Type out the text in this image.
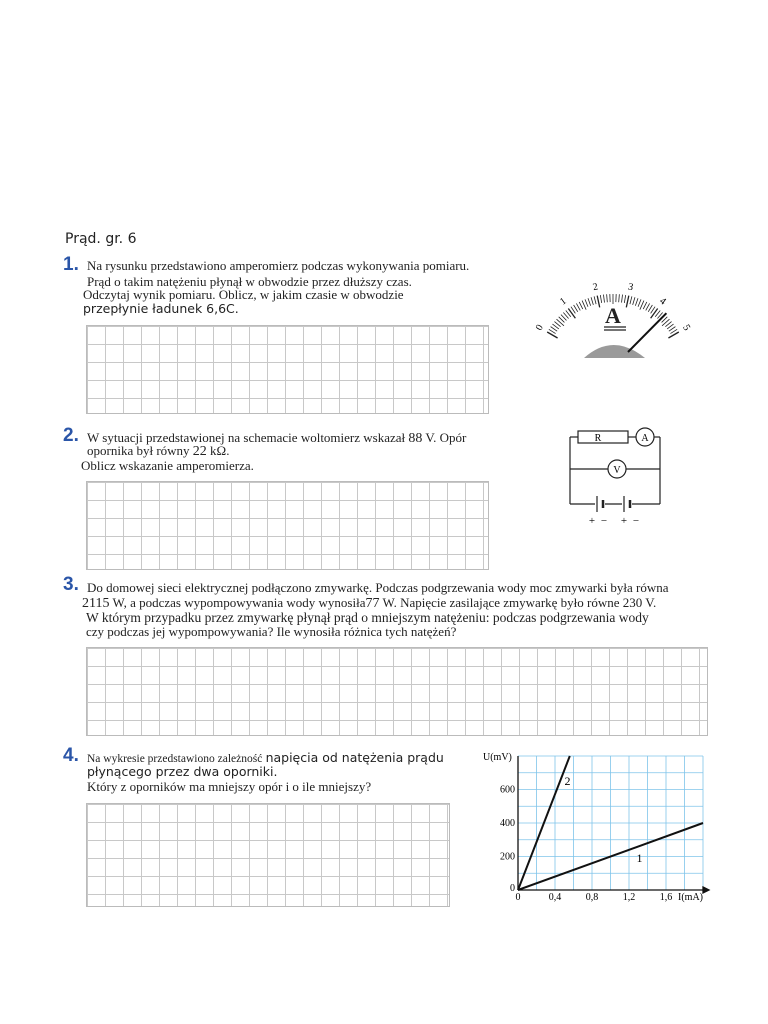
Prąd. gr. 6
1. Na rysunku przedstawiono amperomierz podczas wykonywania pomiaru.
Prąd o takim natężeniu płynął w obwodzie przez dłuższy czas.
Odczytaj wynik pomiaru. Oblicz, w jakim czasie w obwodzie
przepłynie ładunek 6,6C.
0
1
2	3
4
5
A
2. W sytuacji przedstawionej na schemacie woltomierz wskazał 88 V. Opór
opornika był równy 22 kΩ.
Oblicz wskazanie amperomierza.
R	A
V
+ − + −
3. Do domowej sieci elektrycznej podłączono zmywarkę. Podczas podgrzewania wody moc zmywarki była równa
2115 W, a podczas wypompowywania wody wynosiła77 W. Napięcie zasilające zmywarkę było równe 230 V.
W którym przypadku przez zmywarkę płynął prąd o mniejszym natężeniu: podczas podgrzewania wody
czy podczas jej wypompowywania? Ile wynosiła różnica tych natężeń?
4. Na wykresie przedstawiono zależność napięcia od natężenia prądu
płynącego przez dwa oporniki.
Który z oporników ma mniejszy opór i o ile mniejszy?
U(mV)
I(mA)
0,4 0,8 1,2 1,6
200
400
600
0
0
1
2
